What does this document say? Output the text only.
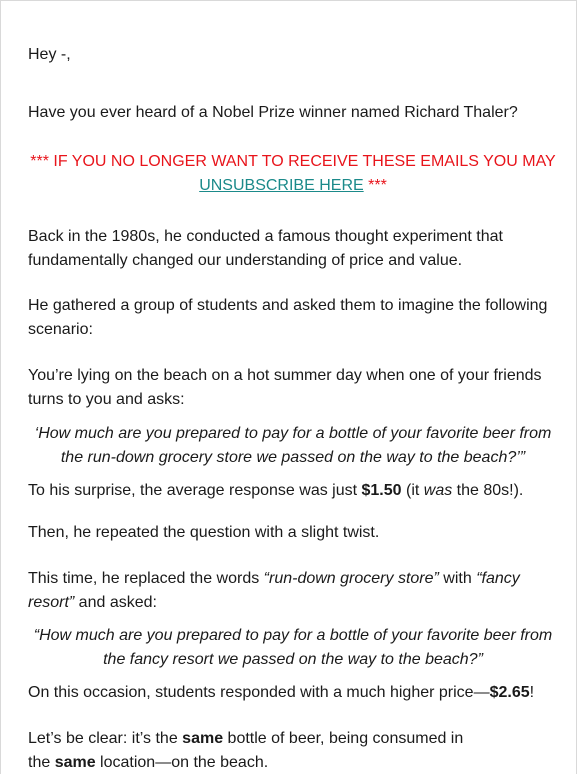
Hey -,

Have you ever heard of a Nobel Prize winner named Richard Thaler?

*** IF YOU NO LONGER WANT TO RECEIVE THESE EMAILS YOU MAY
UNSUBSCRIBE HERE ***

Back in the 1980s, he conducted a famous thought experiment that fundamentally changed our understanding of price and value.

He gathered a group of students and asked them to imagine the following scenario:

You’re lying on the beach on a hot summer day when one of your friends turns to you and asks:

‘How much are you prepared to pay for a bottle of your favorite beer from the run-down grocery store we passed on the way to the beach?’”

To his surprise, the average response was just $1.50 (it was the 80s!).

Then, he repeated the question with a slight twist.

This time, he replaced the words “run-down grocery store” with “fancy resort” and asked:

“How much are you prepared to pay for a bottle of your favorite beer from the fancy resort we passed on the way to the beach?”

On this occasion, students responded with a much higher price—$2.65!

Let’s be clear: it’s the same bottle of beer, being consumed in
the same location—on the beach.
